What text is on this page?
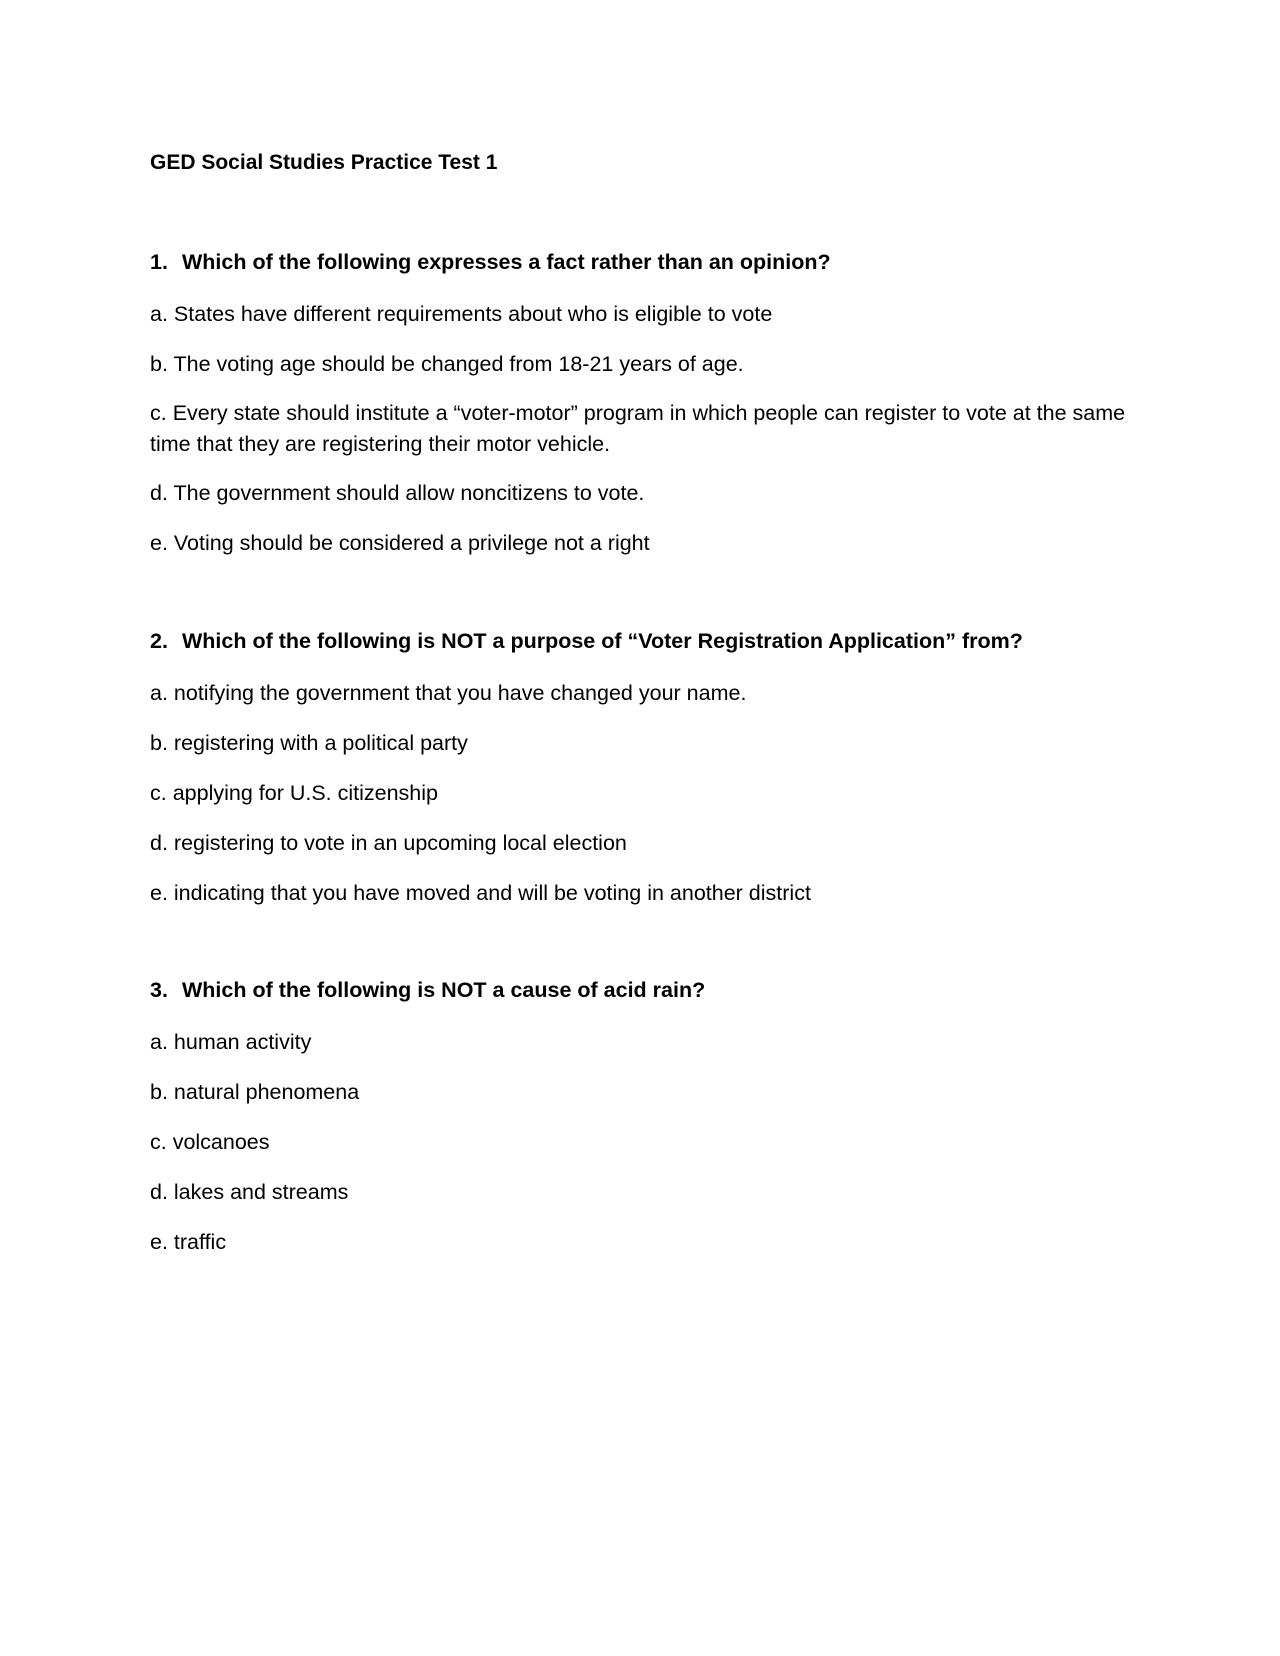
GED Social Studies Practice Test 1
1. Which of the following expresses a fact rather than an opinion?
a. States have different requirements about who is eligible to vote
b. The voting age should be changed from 18-21 years of age.
c. Every state should institute a “voter-motor” program in which people can register to vote at the same time that they are registering their motor vehicle.
d. The government should allow noncitizens to vote.
e. Voting should be considered a privilege not a right
2. Which of the following is NOT a purpose of “Voter Registration Application” from?
a. notifying the government that you have changed your name.
b. registering with a political party
c. applying for U.S. citizenship
d. registering to vote in an upcoming local election
e. indicating that you have moved and will be voting in another district
3. Which of the following is NOT a cause of acid rain?
a. human activity
b. natural phenomena
c. volcanoes
d. lakes and streams
e. traffic
